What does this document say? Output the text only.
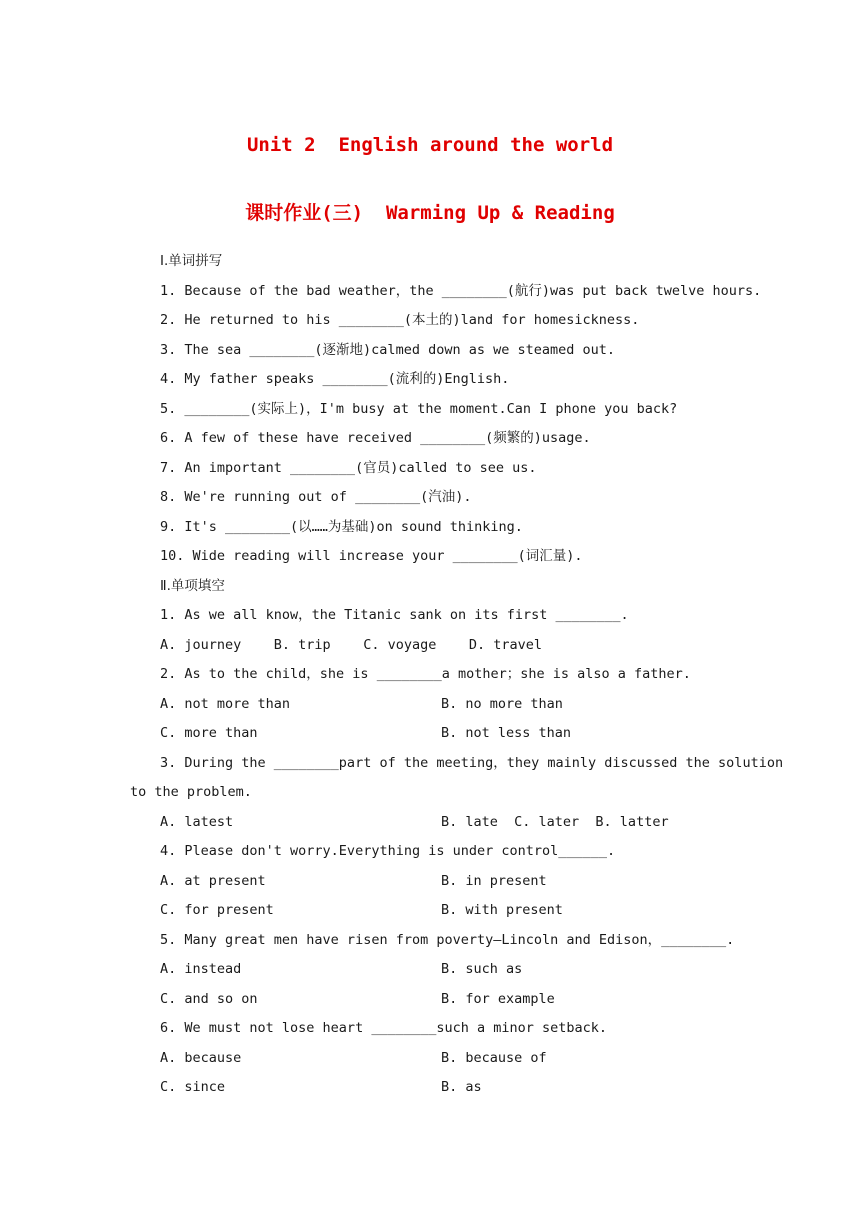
Unit 2  English around the world
课时作业(三)  Warming Up & Reading
Ⅰ.单词拼写
1. Because of the bad weather，the ________(航行)was put back twelve hours.
2. He returned to his ________(本土的)land for homesickness.
3. The sea ________(逐渐地)calmed down as we steamed out.
4. My father speaks ________(流利的)English.
5. ________(实际上)，I'm busy at the moment.Can I phone you back?
6. A few of these have received ________(频繁的)usage.
7. An important ________(官员)called to see us.
8. We're running out of ________(汽油).
9. It's ________(以……为基础)on sound thinking.
10. Wide reading will increase your ________(词汇量).
Ⅱ.单项填空
1. As we all know，the Titanic sank on its first ________.
A. journey    B. trip    C. voyage    D. travel
2. As to the child，she is ________a mother；she is also a father.
A. not more than	B. no more than
C. more than	B. not less than
3. During the ________part of the meeting，they mainly discussed the solution
to the problem.
A. latest	B. late  C. later  B. latter
4. Please don't worry.Everything is under control______.
A. at present	B. in present
C. for present	B. with present
5. Many great men have risen from poverty—Lincoln and Edison，________.
A. instead	B. such as
C. and so on	B. for example
6. We must not lose heart ________such a minor setback.
A. because	B. because of
C. since	B. as
